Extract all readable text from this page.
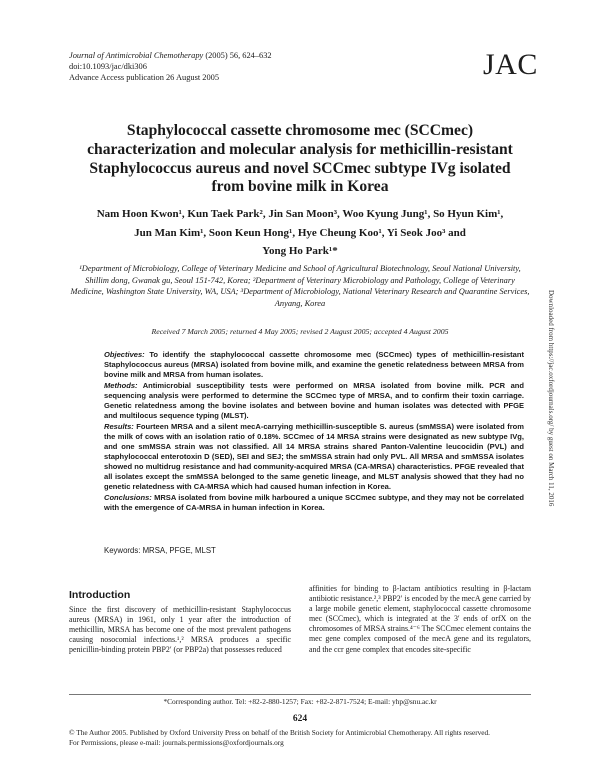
Journal of Antimicrobial Chemotherapy (2005) 56, 624–632
doi:10.1093/jac/dki306
Advance Access publication 26 August 2005	JAC
Staphylococcal cassette chromosome mec (SCCmec) characterization and molecular analysis for methicillin-resistant Staphylococcus aureus and novel SCCmec subtype IVg isolated from bovine milk in Korea
Nam Hoon Kwon¹, Kun Taek Park², Jin San Moon³, Woo Kyung Jung¹, So Hyun Kim¹,
Jun Man Kim¹, Soon Keun Hong¹, Hye Cheung Koo¹, Yi Seok Joo³ and
Yong Ho Park¹*
¹Department of Microbiology, College of Veterinary Medicine and School of Agricultural Biotechnology, Seoul National University, Shillim dong, Gwanak gu, Seoul 151-742, Korea; ²Department of Veterinary Microbiology and Pathology, College of Veterinary Medicine, Washington State University, WA, USA; ³Department of Microbiology, National Veterinary Research and Quarantine Services, Anyang, Korea
Received 7 March 2005; returned 4 May 2005; revised 2 August 2005; accepted 4 August 2005

Objectives: To identify the staphylococcal cassette chromosome mec (SCCmec) types of methicillin-resistant Staphylococcus aureus (MRSA) isolated from bovine milk, and examine the genetic relatedness between MRSA from bovine milk and MRSA from human isolates.

Methods: Antimicrobial susceptibility tests were performed on MRSA isolated from bovine milk. PCR and sequencing analysis were performed to determine the SCCmec type of MRSA, and to confirm their toxin carriage. Genetic relatedness among the bovine isolates and between bovine and human isolates was detected with PFGE and multilocus sequence typing (MLST).

Results: Fourteen MRSA and a silent mecA-carrying methicillin-susceptible S. aureus (smMSSA) were isolated from the milk of cows with an isolation ratio of 0.18%. SCCmec of 14 MRSA strains were designated as new subtype IVg, and one smMSSA strain was not classified. All 14 MRSA strains shared Panton-Valentine leucocidin (PVL) and staphylococcal enterotoxin D (SED), SEI and SEJ; the smMSSA strain had only PVL. All MRSA and smMSSA isolates showed no multidrug resistance and had community-acquired MRSA (CA-MRSA) characteristics. PFGE revealed that all isolates except the smMSSA belonged to the same genetic lineage, and MLST analysis showed that they had no genetic relatedness with CA-MRSA which had caused human infection in Korea.

Conclusions: MRSA isolated from bovine milk harboured a unique SCCmec subtype, and they may not be correlated with the emergence of CA-MRSA in human infection in Korea.

Keywords: MRSA, PFGE, MLST
Introduction
Since the first discovery of methicillin-resistant Staphylococcus aureus (MRSA) in 1961, only 1 year after the introduction of methicillin, MRSA has become one of the most prevalent pathogens causing nosocomial infections.¹,² MRSA produces a specific penicillin-binding protein PBP2′ (or PBP2a) that possesses reduced
affinities for binding to β-lactam antibiotics resulting in β-lactam antibiotic resistance.²,³ PBP2′ is encoded by the mecA gene carried by a large mobile genetic element, staphylococcal cassette chromosome mec (SCCmec), which is integrated at the 3′ ends of orfX on the chromosomes of MRSA strains.⁴⁻⁶ The SCCmec element contains the mec gene complex composed of the mecA gene and its regulators, and the ccr gene complex that encodes site-specific
*Corresponding author. Tel: +82-2-880-1257; Fax: +82-2-871-7524; E-mail: yhp@snu.ac.kr
624
© The Author 2005. Published by Oxford University Press on behalf of the British Society for Antimicrobial Chemotherapy. All rights reserved.
For Permissions, please e-mail: journals.permissions@oxfordjournals.org
Downloaded from https://jac.oxfordjournals.org/ by guest on March 11, 2016
